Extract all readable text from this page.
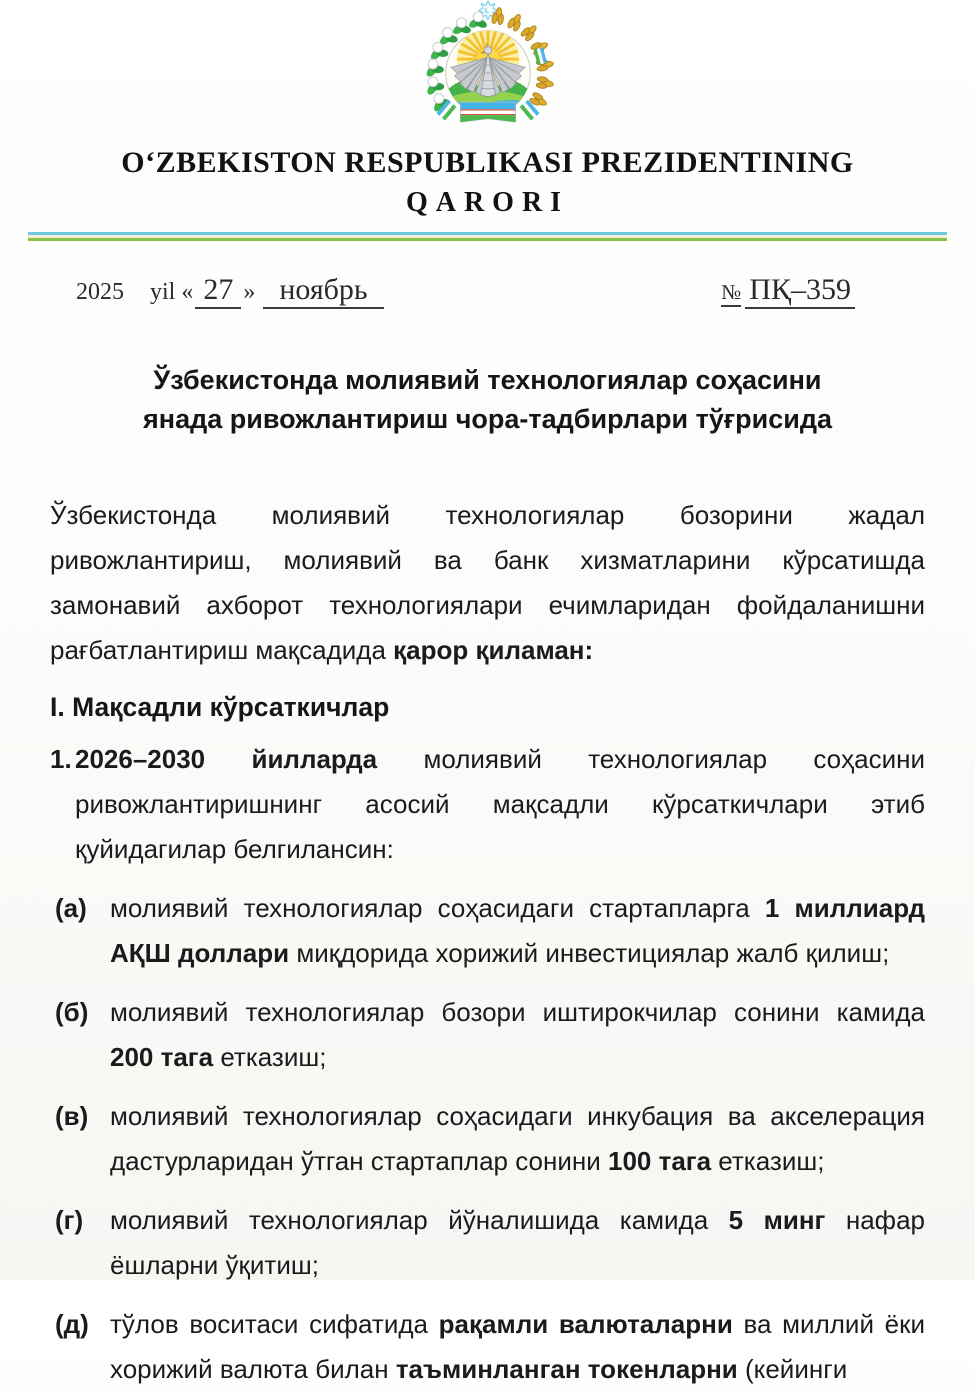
O‘ZBEKISTON RESPUBLIKASI PREZIDENTINING
QARORI
2025 yil « 27 » ноябрь	№ ПҚ–359
Ўзбекистонда молиявий технологиялар соҳасини
янада ривожлантириш чора-тадбирлари тўғрисида

Ўзбекистонда молиявий технологиялар бозорини жадал ривожлантириш, молиявий ва банк хизматларини кўрсатишда замонавий ахборот технологиялари ечимларидан фойдаланишни рағбатлантириш мақсадида қарор қиламан:

I. Мақсадли кўрсаткичлар
1. 2026–2030 йилларда молиявий технологиялар соҳасини ривожлантиришнинг асосий мақсадли кўрсаткичлари этиб қуйидагилар белгилансин:
(а) молиявий технологиялар соҳасидаги стартапларга 1 миллиард АҚШ доллари миқдорида хорижий инвестициялар жалб қилиш;
(б) молиявий технологиялар бозори иштирокчилар сонини камида 200 тага етказиш;
(в) молиявий технологиялар соҳасидаги инкубация ва акселерация дастурларидан ўтган стартаплар сонини 100 тага етказиш;
(г) молиявий технологиялар йўналишида камида 5 минг нафар ёшларни ўқитиш;
(д) тўлов воситаси сифатида рақамли валюталарни ва миллий ёки хорижий валюта билан таъминланган токенларни (кейинги
